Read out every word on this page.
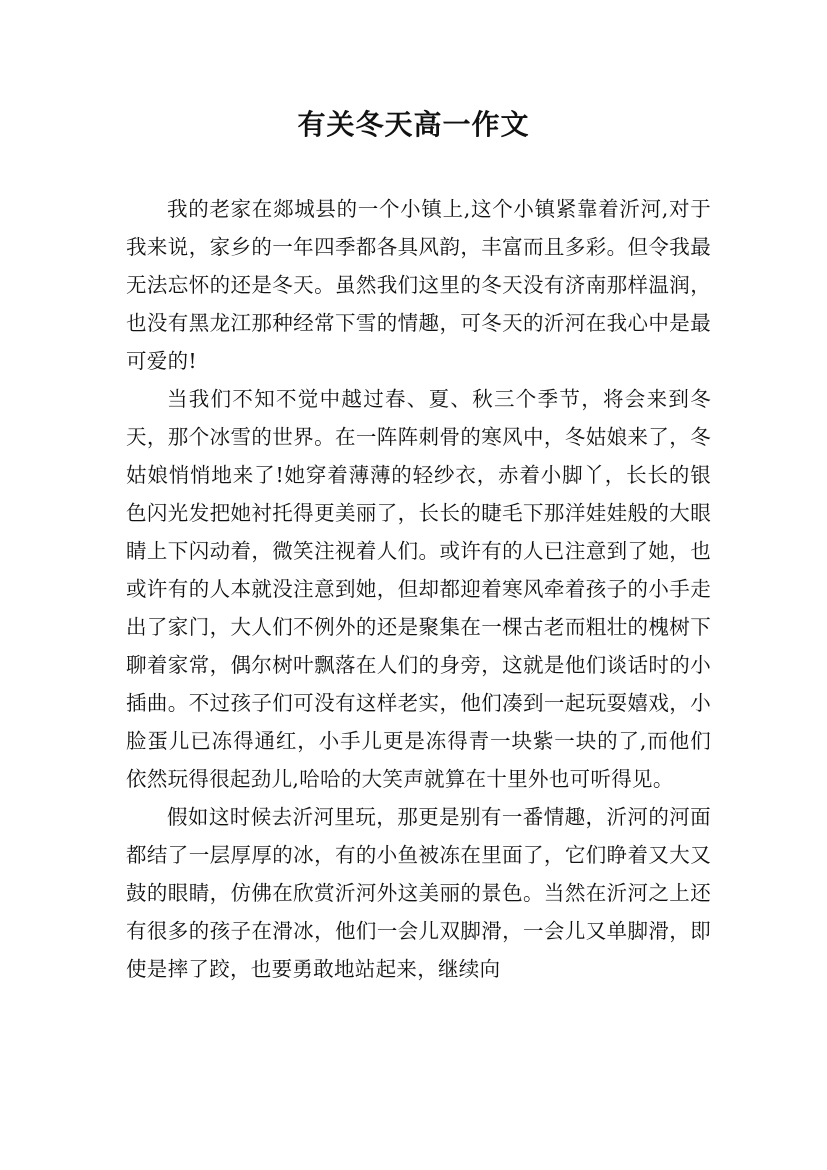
有关冬天高一作文

我的老家在郯城县的一个小镇上,这个小镇紧靠着沂河,对于我来说，家乡的一年四季都各具风韵，丰富而且多彩。但令我最无法忘怀的还是冬天。虽然我们这里的冬天没有济南那样温润，也没有黑龙江那种经常下雪的情趣，可冬天的沂河在我心中是最可爱的!

当我们不知不觉中越过春、夏、秋三个季节，将会来到冬天，那个冰雪的世界。在一阵阵刺骨的寒风中，冬姑娘来了，冬姑娘悄悄地来了!她穿着薄薄的轻纱衣，赤着小脚丫，长长的银色闪光发把她衬托得更美丽了，长长的睫毛下那洋娃娃般的大眼睛上下闪动着，微笑注视着人们。或许有的人已注意到了她，也或许有的人本就没注意到她，但却都迎着寒风牵着孩子的小手走出了家门，大人们不例外的还是聚集在一棵古老而粗壮的槐树下聊着家常，偶尔树叶飘落在人们的身旁，这就是他们谈话时的小插曲。不过孩子们可没有这样老实，他们凑到一起玩耍嬉戏，小脸蛋儿已冻得通红，小手儿更是冻得青一块紫一块的了,而他们依然玩得很起劲儿,哈哈的大笑声就算在十里外也可听得见。

假如这时候去沂河里玩，那更是别有一番情趣，沂河的河面都结了一层厚厚的冰，有的小鱼被冻在里面了，它们睁着又大又鼓的眼睛，仿佛在欣赏沂河外这美丽的景色。当然在沂河之上还有很多的孩子在滑冰，他们一会儿双脚滑，一会儿又单脚滑，即使是摔了跤，也要勇敢地站起来，继续向
